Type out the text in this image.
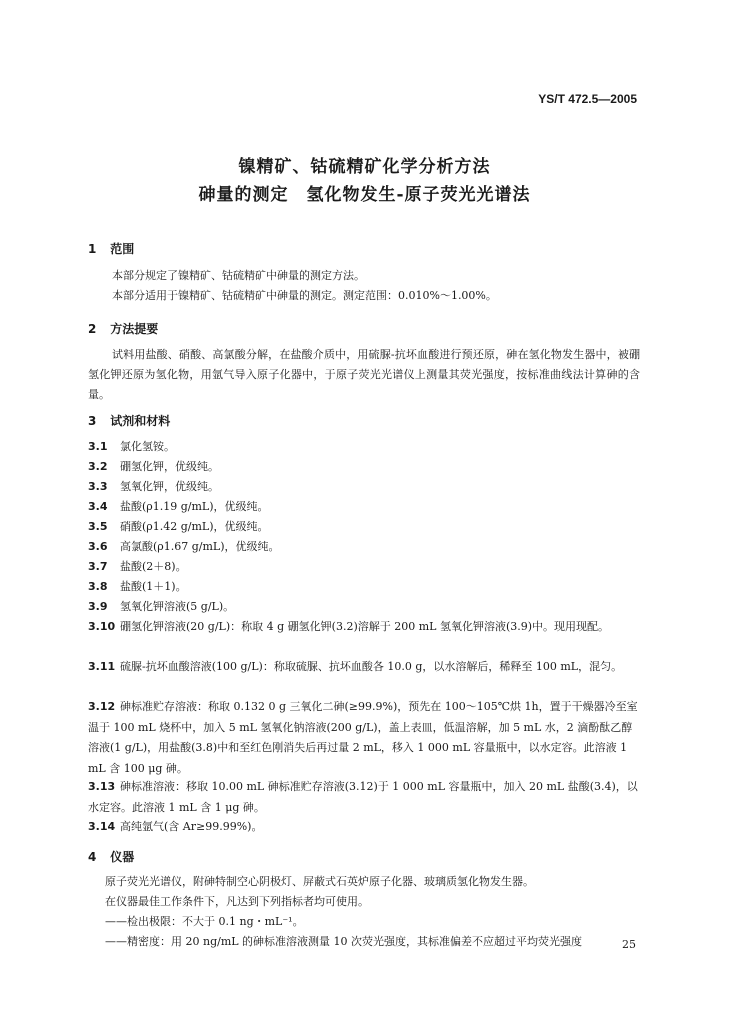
YS/T 472.5—2005
镍精矿、钴硫精矿化学分析方法
砷量的测定　氢化物发生-原子荧光光谱法
1 范围
本部分规定了镍精矿、钴硫精矿中砷量的测定方法。
本部分适用于镍精矿、钴硫精矿中砷量的测定。测定范围：0.010%～1.00%。
2 方法提要
试料用盐酸、硝酸、高氯酸分解，在盐酸介质中，用硫脲-抗坏血酸进行预还原，砷在氢化物发生器中，被硼氢化钾还原为氢化物，用氩气导入原子化器中，于原子荧光光谱仪上测量其荧光强度，按标准曲线法计算砷的含量。
3 试剂和材料
3.1 氯化氢铵。
3.2 硼氢化钾，优级纯。
3.3 氢氧化钾，优级纯。
3.4 盐酸(ρ1.19 g/mL)，优级纯。
3.5 硝酸(ρ1.42 g/mL)，优级纯。
3.6 高氯酸(ρ1.67 g/mL)，优级纯。
3.7 盐酸(2＋8)。
3.8 盐酸(1＋1)。
3.9 氢氧化钾溶液(5 g/L)。
3.10 硼氢化钾溶液(20 g/L)：称取 4 g 硼氢化钾(3.2)溶解于 200 mL 氢氧化钾溶液(3.9)中。现用现配。
3.11 硫脲-抗坏血酸溶液(100 g/L)：称取硫脲、抗坏血酸各 10.0 g，以水溶解后，稀释至 100 mL，混匀。
3.12 砷标准贮存溶液：称取 0.132 0 g 三氧化二砷(≥99.9%)，预先在 100～105℃烘 1h，置于干燥器冷至室温于 100 mL 烧杯中，加入 5 mL 氢氧化钠溶液(200 g/L)，盖上表皿，低温溶解，加 5 mL 水，2 滴酚酞乙醇溶液(1 g/L)，用盐酸(3.8)中和至红色刚消失后再过量 2 mL，移入 1 000 mL 容量瓶中，以水定容。此溶液 1 mL 含 100 μg 砷。
3.13 砷标准溶液：移取 10.00 mL 砷标准贮存溶液(3.12)于 1 000 mL 容量瓶中，加入 20 mL 盐酸(3.4)，以水定容。此溶液 1 mL 含 1 μg 砷。
3.14 高纯氩气(含 Ar≥99.99%)。
4 仪器
原子荧光光谱仪，附砷特制空心阴极灯、屏蔽式石英炉原子化器、玻璃质氢化物发生器。
在仪器最佳工作条件下，凡达到下列指标者均可使用。
——检出极限：不大于 0.1 ng・mL⁻¹。
——精密度：用 20 ng/mL 的砷标准溶液测量 10 次荧光强度，其标准偏差不应超过平均荧光强度	25
